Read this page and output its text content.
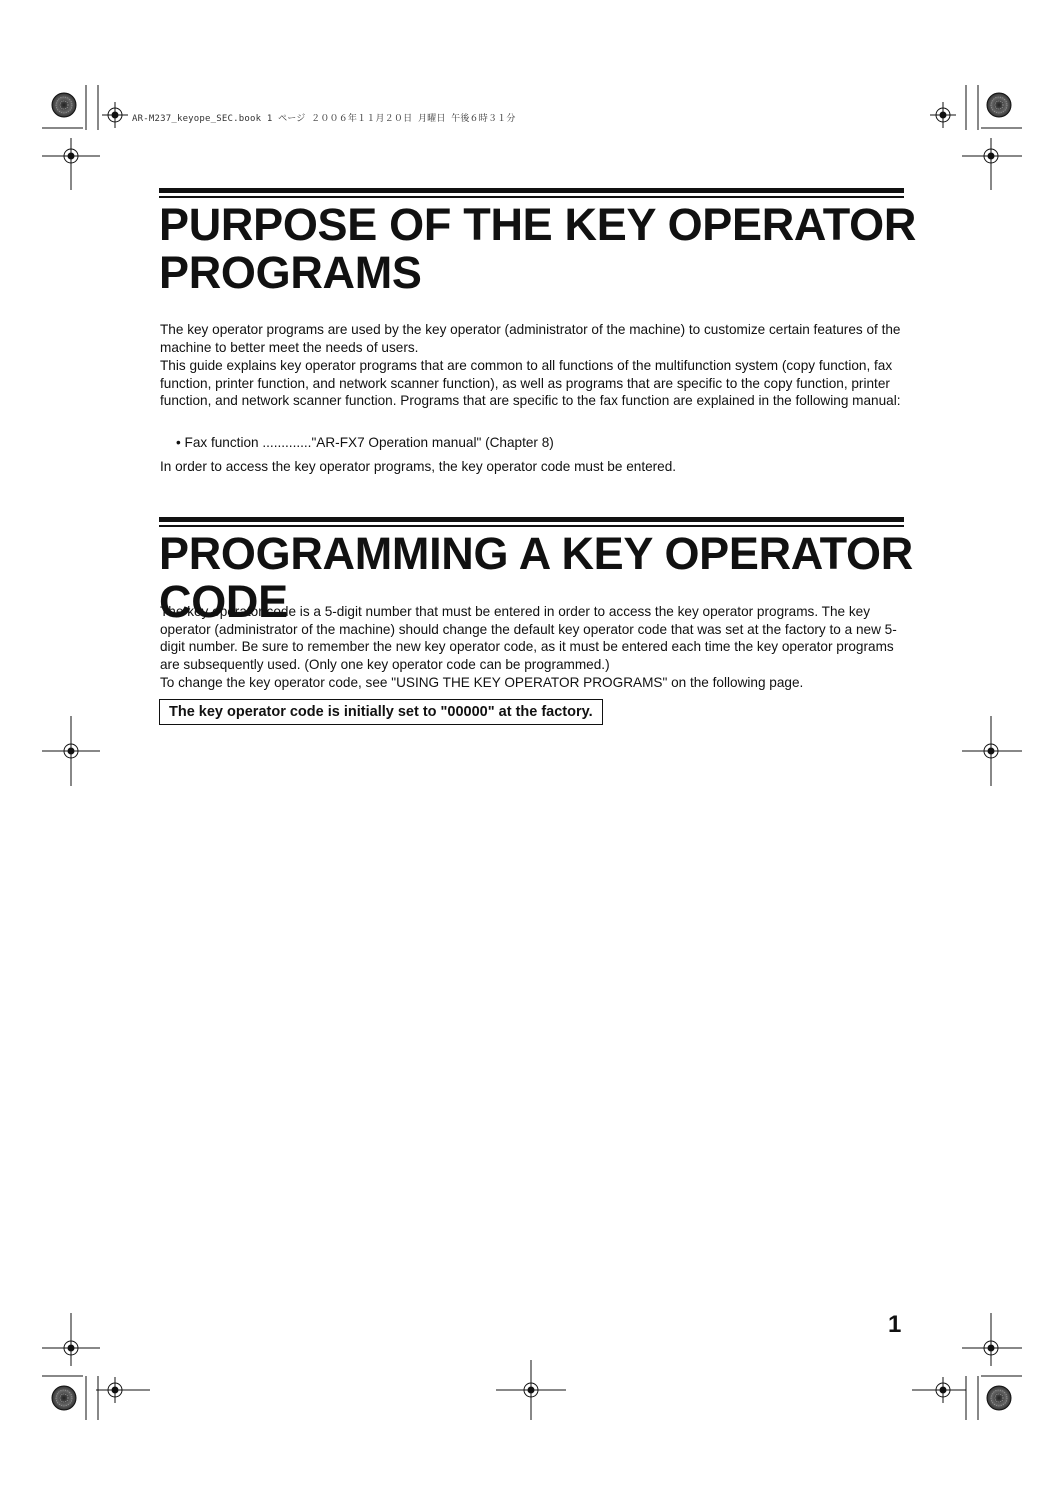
AR-M237_keyope_SEC.book 1 ページ ２００６年１１月２０日 月曜日 午後６時３１分
PURPOSE OF THE KEY OPERATOR
PROGRAMS

The key operator programs are used by the key operator (administrator of the machine) to customize certain features of the machine to better meet the needs of users.

This guide explains key operator programs that are common to all functions of the multifunction system (copy function, fax function, printer function, and network scanner function), as well as programs that are specific to the copy function, printer function, and network scanner function. Programs that are specific to the fax function are explained in the following manual:

• Fax function ............."AR-FX7 Operation manual" (Chapter 8)

In order to access the key operator programs, the key operator code must be entered.

PROGRAMMING A KEY OPERATOR CODE

The key operator code is a 5-digit number that must be entered in order to access the key operator programs. The key operator (administrator of the machine) should change the default key operator code that was set at the factory to a new 5-digit number. Be sure to remember the new key operator code, as it must be entered each time the key operator programs are subsequently used. (Only one key operator code can be programmed.)

To change the key operator code, see "USING THE KEY OPERATOR PROGRAMS" on the following page.

The key operator code is initially set to "00000" at the factory.
1
